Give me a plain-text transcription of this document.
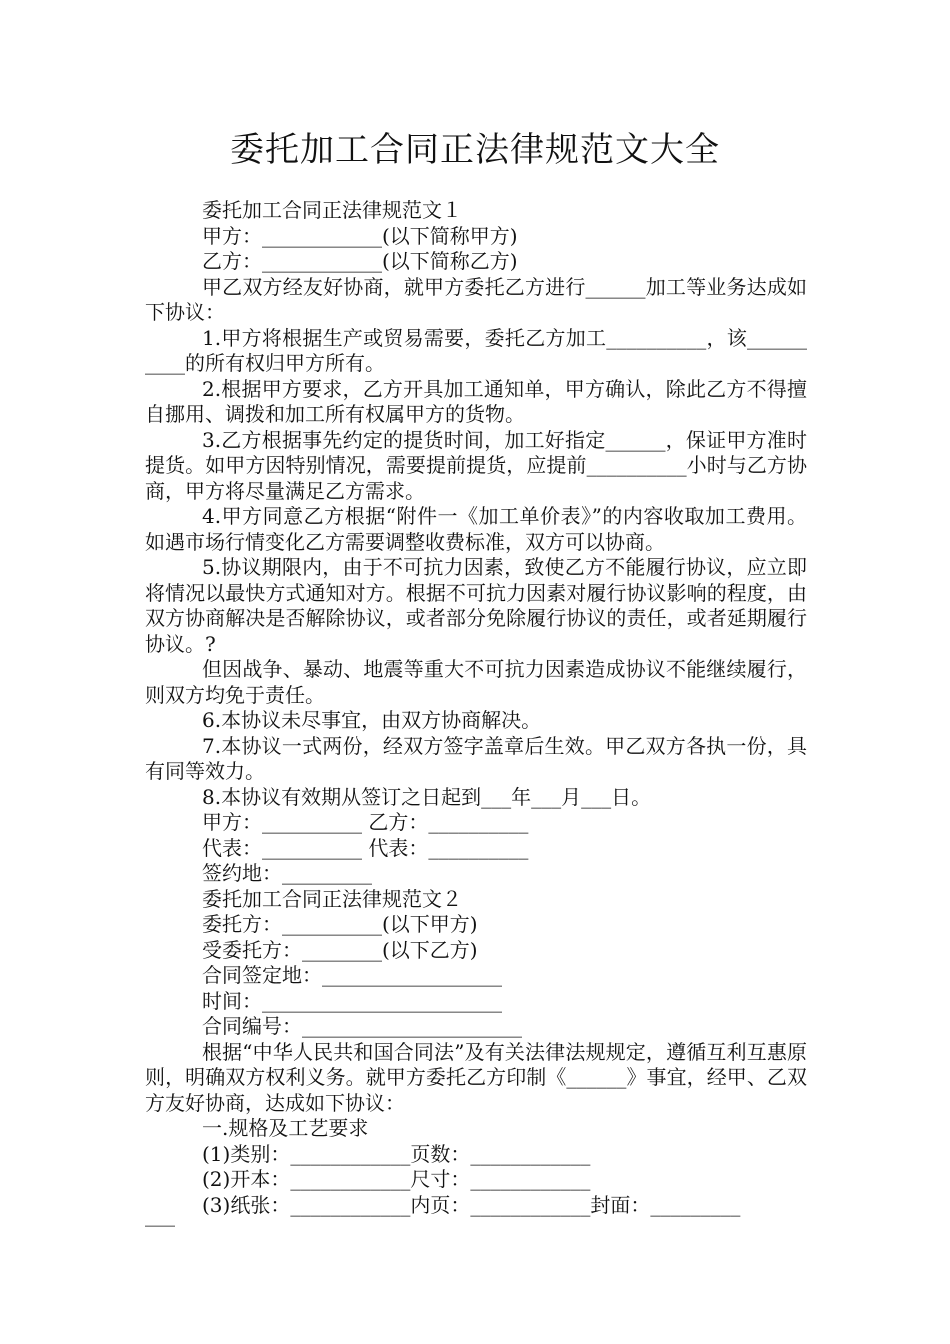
委托加工合同正法律规范文大全

委托加工合同正法律规范文１

甲方：____________(以下简称甲方)

乙方：____________(以下简称乙方)

甲乙双方经友好协商，就甲方委托乙方进行______加工等业务达成如下协议：

1.甲方将根据生产或贸易需要，委托乙方加工__________，该__________的所有权归甲方所有。

2.根据甲方要求，乙方开具加工通知单，甲方确认，除此乙方不得擅自挪用、调拨和加工所有权属甲方的货物。

3.乙方根据事先约定的提货时间，加工好指定______，保证甲方准时提货。如甲方因特别情况，需要提前提货，应提前__________小时与乙方协商，甲方将尽量满足乙方需求。

4.甲方同意乙方根据“附件一《加工单价表》”的内容收取加工费用。如遇市场行情变化乙方需要调整收费标准，双方可以协商。

5.协议期限内，由于不可抗力因素，致使乙方不能履行协议，应立即将情况以最快方式通知对方。根据不可抗力因素对履行协议影响的程度，由双方协商解决是否解除协议，或者部分免除履行协议的责任，或者延期履行协议。?

但因战争、暴动、地震等重大不可抗力因素造成协议不能继续履行，则双方均免于责任。

6.本协议未尽事宜，由双方协商解决。

7.本协议一式两份，经双方签字盖章后生效。甲乙双方各执一份，具有同等效力。

8.本协议有效期从签订之日起到___年___月___日。

甲方：__________ 乙方：__________

代表：__________ 代表：__________

签约地：_________

委托加工合同正法律规范文２

委托方：__________(以下甲方)

受委托方：________(以下乙方)

合同签定地：__________________

时间：________________________

合同编号：______________________

根据“中华人民共和国合同法”及有关法律法规规定，遵循互利互惠原则，明确双方权利义务。就甲方委托乙方印制《______》事宜，经甲、乙双方友好协商，达成如下协议：

一.规格及工艺要求

(1)类别：____________页数：____________

(2)开本：____________尺寸：____________

(3)纸张：____________内页：____________封面：_________

___
